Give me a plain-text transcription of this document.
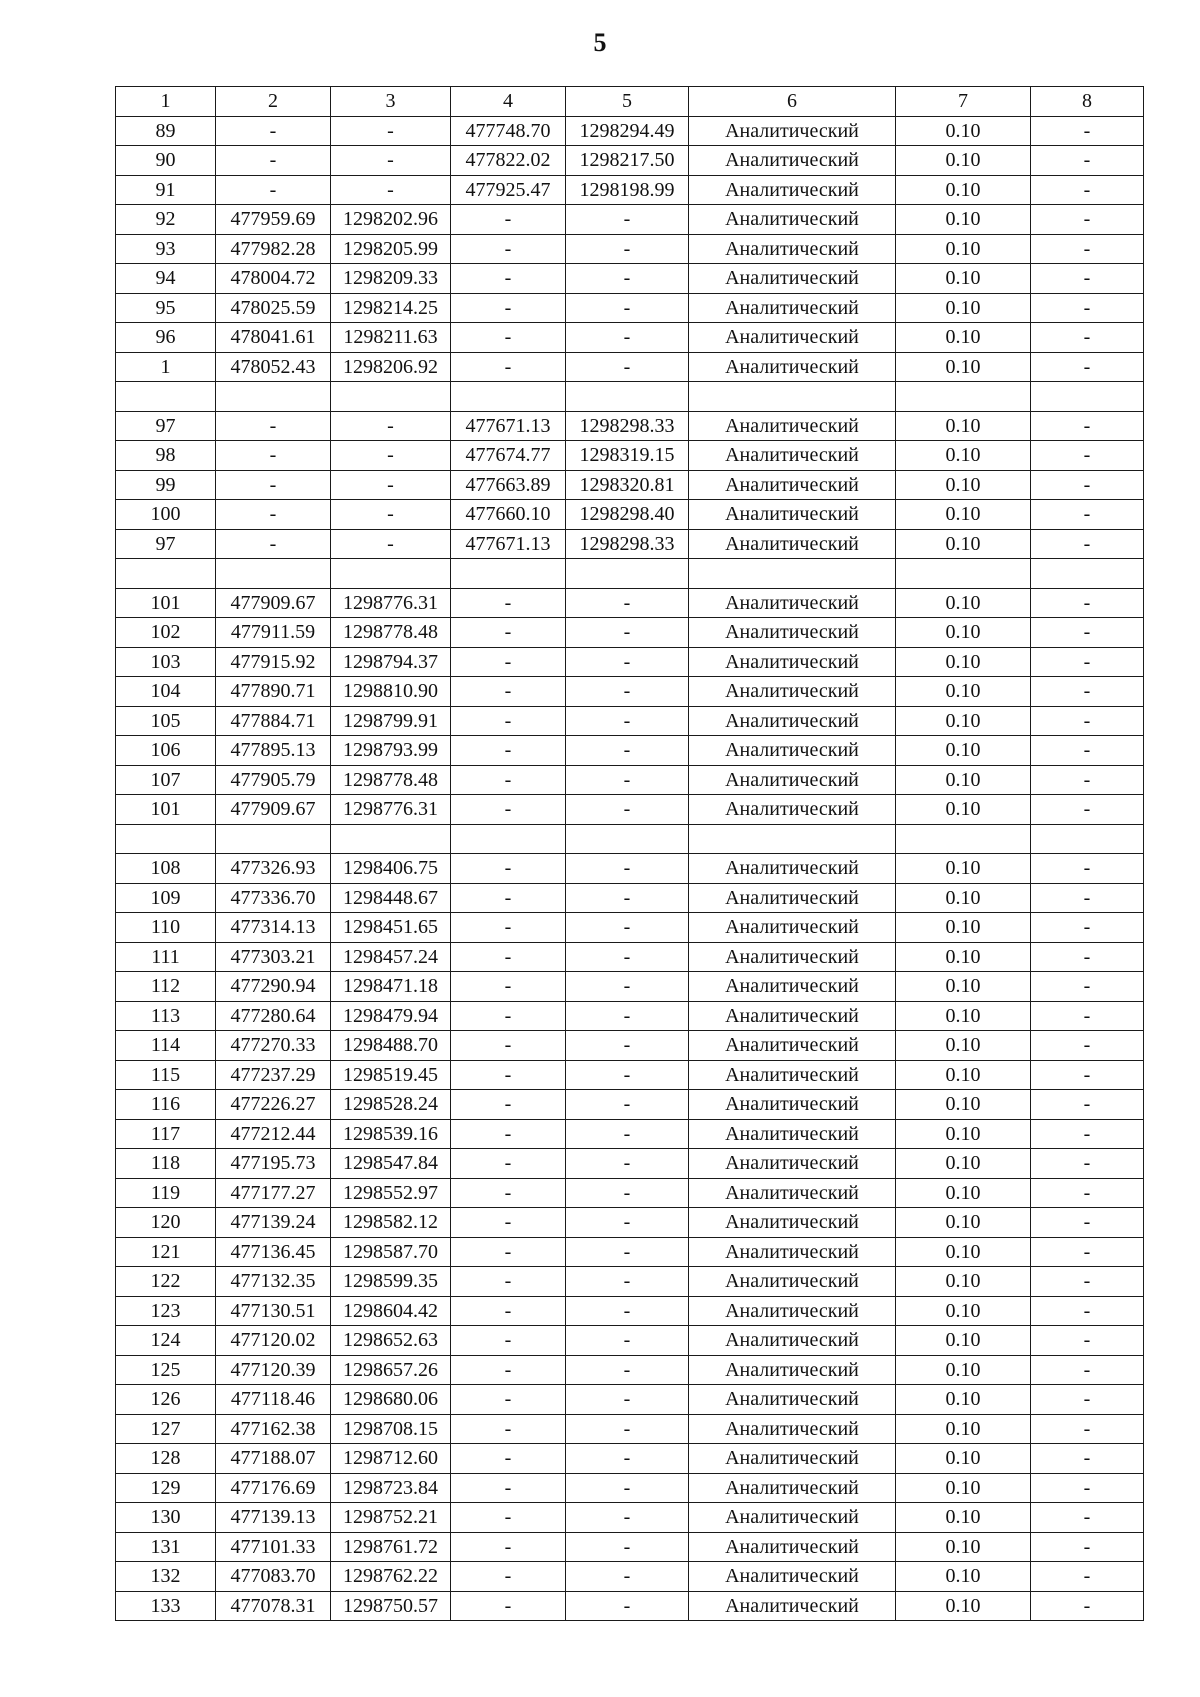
5
1	2	3	4	5	6	7	8
89	-	-	477748.70	1298294.49	Аналитический	0.10	-
90	-	-	477822.02	1298217.50	Аналитический	0.10	-
91	-	-	477925.47	1298198.99	Аналитический	0.10	-
92	477959.69	1298202.96	-	-	Аналитический	0.10	-
93	477982.28	1298205.99	-	-	Аналитический	0.10	-
94	478004.72	1298209.33	-	-	Аналитический	0.10	-
95	478025.59	1298214.25	-	-	Аналитический	0.10	-
96	478041.61	1298211.63	-	-	Аналитический	0.10	-
1	478052.43	1298206.92	-	-	Аналитический	0.10	-

97	-	-	477671.13	1298298.33	Аналитический	0.10	-
98	-	-	477674.77	1298319.15	Аналитический	0.10	-
99	-	-	477663.89	1298320.81	Аналитический	0.10	-
100	-	-	477660.10	1298298.40	Аналитический	0.10	-
97	-	-	477671.13	1298298.33	Аналитический	0.10	-

101	477909.67	1298776.31	-	-	Аналитический	0.10	-
102	477911.59	1298778.48	-	-	Аналитический	0.10	-
103	477915.92	1298794.37	-	-	Аналитический	0.10	-
104	477890.71	1298810.90	-	-	Аналитический	0.10	-
105	477884.71	1298799.91	-	-	Аналитический	0.10	-
106	477895.13	1298793.99	-	-	Аналитический	0.10	-
107	477905.79	1298778.48	-	-	Аналитический	0.10	-
101	477909.67	1298776.31	-	-	Аналитический	0.10	-

108	477326.93	1298406.75	-	-	Аналитический	0.10	-
109	477336.70	1298448.67	-	-	Аналитический	0.10	-
110	477314.13	1298451.65	-	-	Аналитический	0.10	-
111	477303.21	1298457.24	-	-	Аналитический	0.10	-
112	477290.94	1298471.18	-	-	Аналитический	0.10	-
113	477280.64	1298479.94	-	-	Аналитический	0.10	-
114	477270.33	1298488.70	-	-	Аналитический	0.10	-
115	477237.29	1298519.45	-	-	Аналитический	0.10	-
116	477226.27	1298528.24	-	-	Аналитический	0.10	-
117	477212.44	1298539.16	-	-	Аналитический	0.10	-
118	477195.73	1298547.84	-	-	Аналитический	0.10	-
119	477177.27	1298552.97	-	-	Аналитический	0.10	-
120	477139.24	1298582.12	-	-	Аналитический	0.10	-
121	477136.45	1298587.70	-	-	Аналитический	0.10	-
122	477132.35	1298599.35	-	-	Аналитический	0.10	-
123	477130.51	1298604.42	-	-	Аналитический	0.10	-
124	477120.02	1298652.63	-	-	Аналитический	0.10	-
125	477120.39	1298657.26	-	-	Аналитический	0.10	-
126	477118.46	1298680.06	-	-	Аналитический	0.10	-
127	477162.38	1298708.15	-	-	Аналитический	0.10	-
128	477188.07	1298712.60	-	-	Аналитический	0.10	-
129	477176.69	1298723.84	-	-	Аналитический	0.10	-
130	477139.13	1298752.21	-	-	Аналитический	0.10	-
131	477101.33	1298761.72	-	-	Аналитический	0.10	-
132	477083.70	1298762.22	-	-	Аналитический	0.10	-
133	477078.31	1298750.57	-	-	Аналитический	0.10	-
